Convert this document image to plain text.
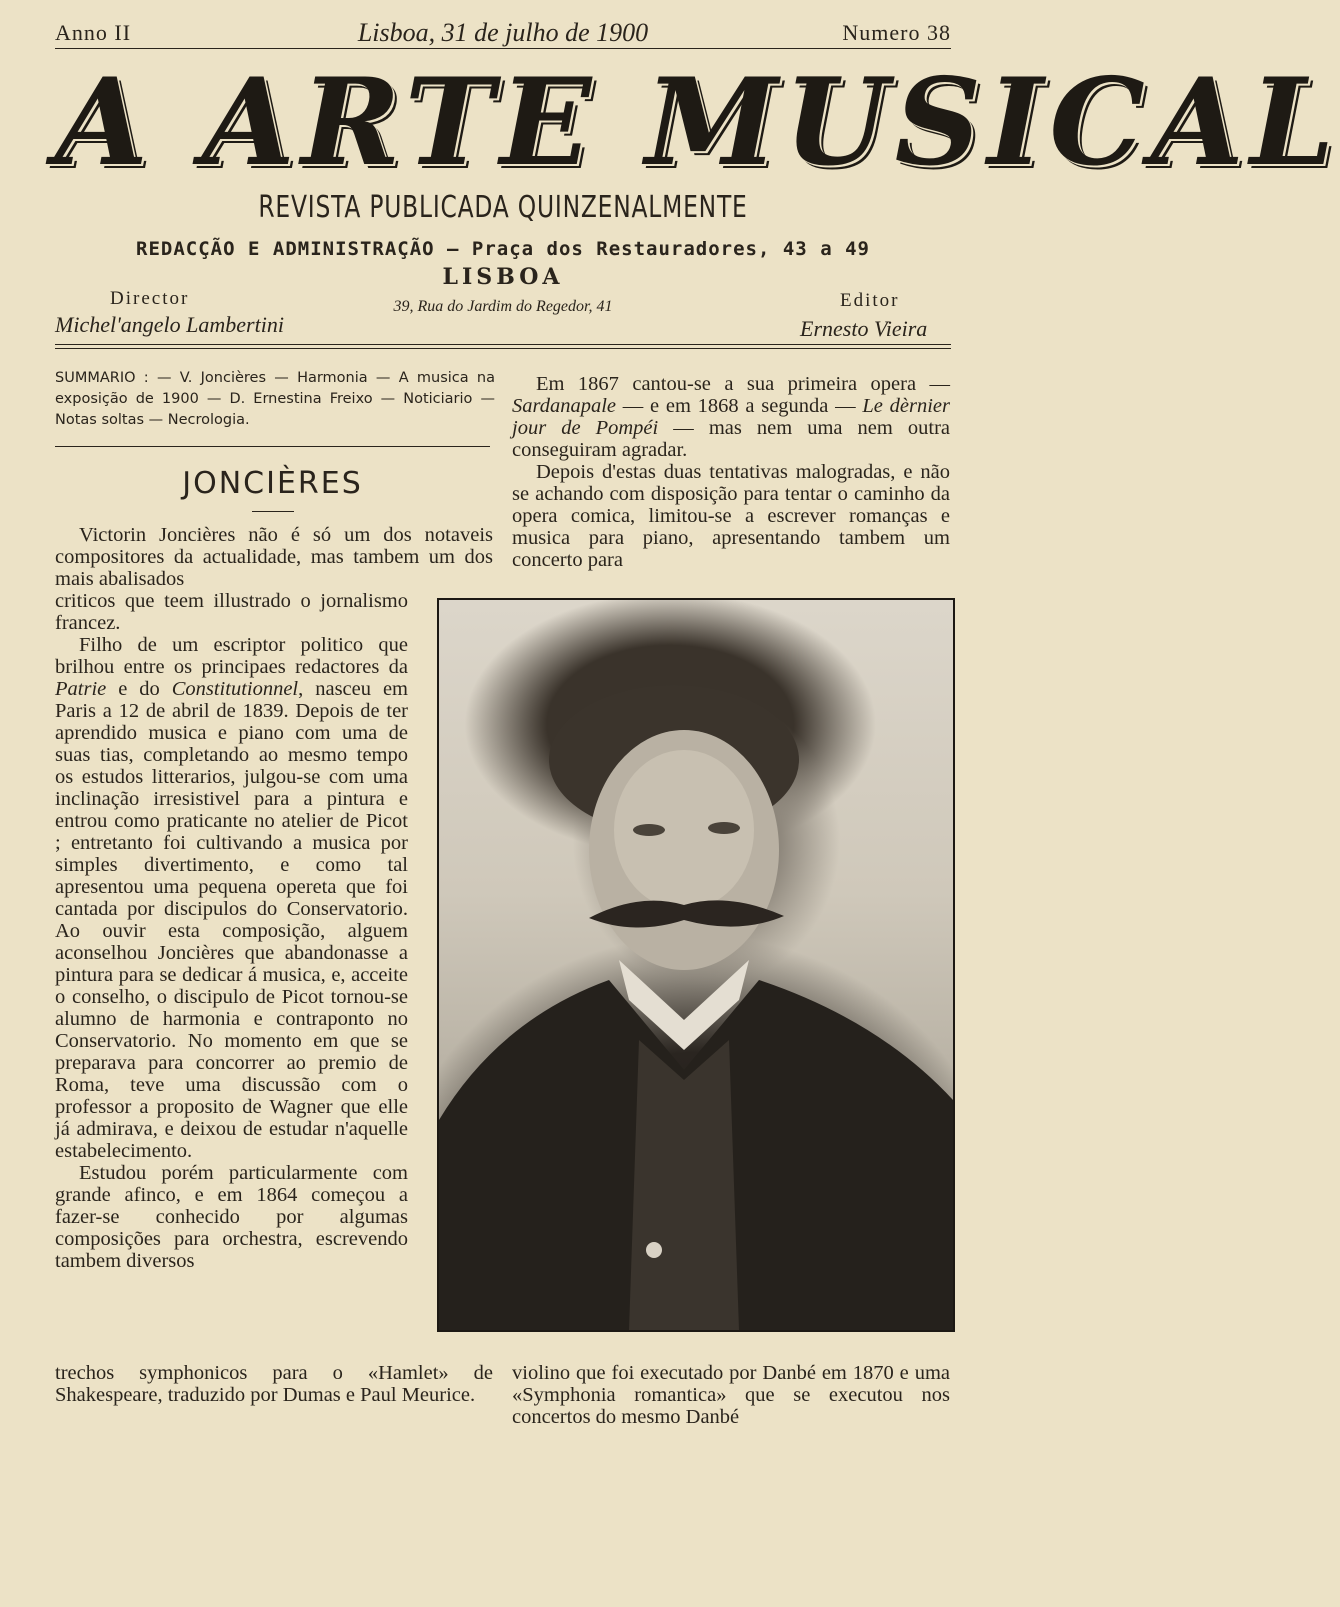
Anno II	Lisboa, 31 de julho de 1900	Numero 38
A ARTE MUSICAL
REVISTA PUBLICADA QUINZENALMENTE
REDACÇÃO E ADMINISTRAÇÃO — Praça dos Restauradores, 43 a 49
LISBOA
39, Rua do Jardim do Regedor, 41
Director
Michel'angelo Lambertini
Editor
Ernesto Vieira
SUMMARIO : — V. Joncières — Harmonia — A musica na exposição de 1900 — D. Ernestina Freixo — Noticiario — Notas soltas — Necrologia.
JONCIÈRES
Victorin Joncières não é só um dos notaveis compositores da actualidade, mas tambem um dos mais abalisados
criticos que teem illustrado o jornalismo francez.
Filho de um escriptor politico que brilhou entre os principaes redactores da Patrie e do Constitutionnel, nasceu em Paris a 12 de abril de 1839. Depois de ter aprendido musica e piano com uma de suas tias, completando ao mesmo tempo os estudos litterarios, julgou-se com uma inclinação irresistivel para a pintura e entrou como praticante no atelier de Picot ; entretanto foi cultivando a musica por simples divertimento, e como tal apresentou uma pequena opereta que foi cantada por discipulos do Conservatorio. Ao ouvir esta composição, alguem aconselhou Joncières que abandonasse a pintura para se dedicar á musica, e, acceite o conselho, o discipulo de Picot tornou-se alumno de harmonia e contraponto no Conservatorio. No momento em que se preparava para concorrer ao premio de Roma, teve uma discussão com o professor a proposito de Wagner que elle já admirava, e deixou de estudar n'aquelle estabelecimento.
Estudou porém particularmente com grande afinco, e em 1864 começou a fazer-se conhecido por algumas composições para orchestra, escrevendo tambem diversos
trechos symphonicos para o «Hamlet» de Shakespeare, traduzido por Dumas e Paul Meurice.
Em 1867 cantou-se a sua primeira opera — Sardanapale — e em 1868 a segunda — Le dèrnier jour de Pompéi — mas nem uma nem outra conseguiram agradar.
Depois d'estas duas tentativas malogradas, e não se achando com disposição para tentar o caminho da opera comica, limitou-se a escrever romanças e musica para piano, apresentando tambem um concerto para
violino que foi executado por Danbé em 1870 e uma «Symphonia romantica» que se executou nos concertos do mesmo Danbé
